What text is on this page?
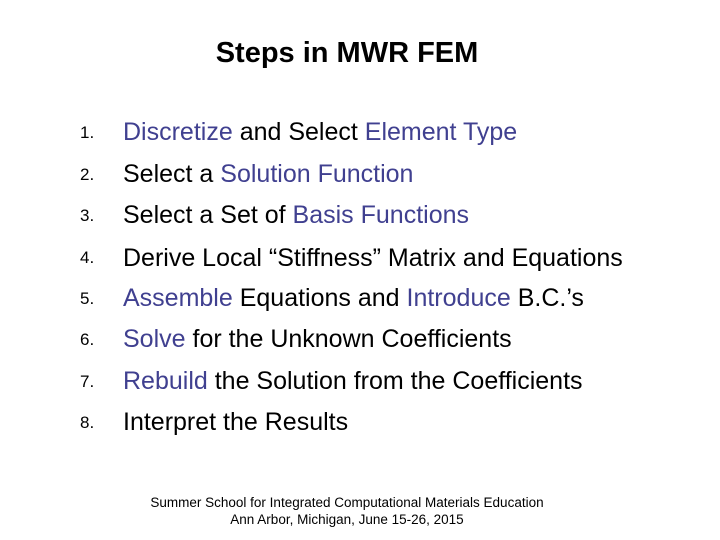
Steps in MWR FEM
1.	Discretize and Select Element Type
2.	Select a Solution Function
3.	Select a Set of Basis Functions
4.	Derive Local “Stiffness” Matrix and Equations
5.	Assemble Equations and Introduce B.C.’s
6.	Solve for the Unknown Coefficients
7.	Rebuild the Solution from the Coefficients
8.	Interpret the Results
Summer School for Integrated Computational Materials Education
Ann Arbor, Michigan, June 15-26, 2015
